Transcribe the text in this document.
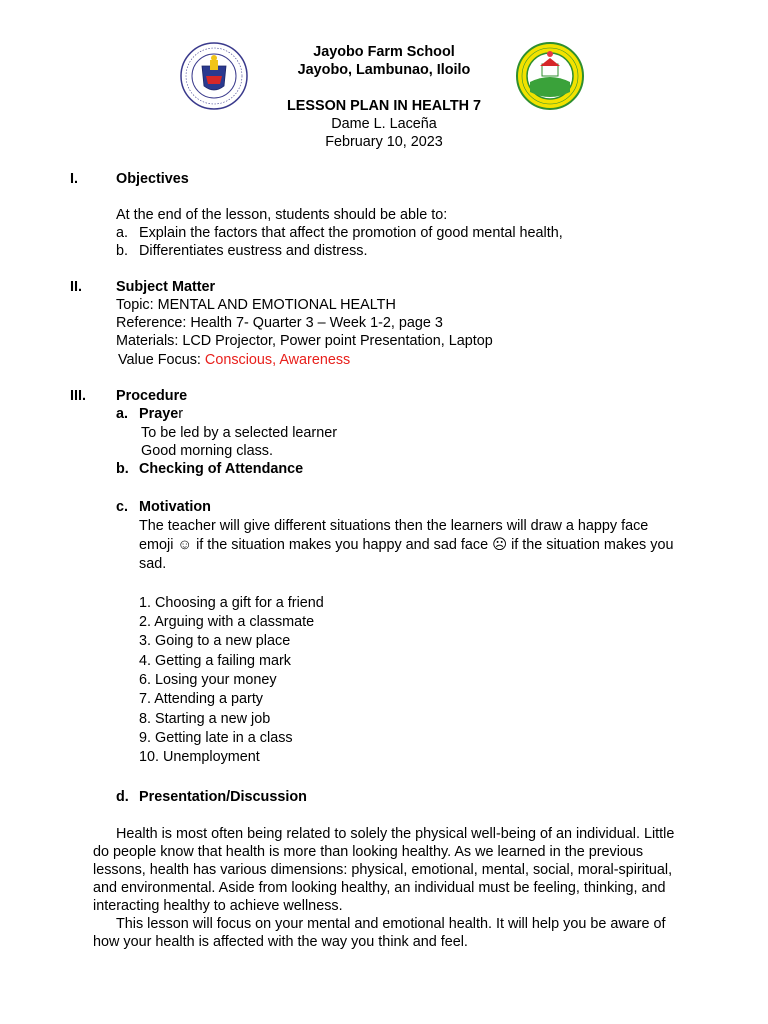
Jayobo Farm School
Jayobo, Lambunao, Iloilo
LESSON PLAN IN HEALTH 7
Dame L. Laceña
February 10, 2023
I.	Objectives
At the end of the lesson, students should be able to:
a. Explain the factors that affect the promotion of good mental health,
b. Differentiates eustress and distress.
II. Subject Matter
Topic: MENTAL AND EMOTIONAL HEALTH
Reference: Health 7- Quarter 3 – Week 1-2, page 3
Materials: LCD Projector, Power point Presentation, Laptop
Value Focus: Conscious, Awareness
III. Procedure
a. Prayer
To be led by a selected learner
Good morning class.
b. Checking of Attendance
c. Motivation
The teacher will give different situations then the learners will draw a happy face
emoji ☺ if the situation makes you happy and sad face ☹ if the situation makes you
sad.
1. Choosing a gift for a friend
2. Arguing with a classmate
3. Going to a new place
4. Getting a failing mark
6. Losing your money
7. Attending a party
8. Starting a new job
9. Getting late in a class
10. Unemployment
d. Presentation/Discussion
Health is most often being related to solely the physical well-being of an individual. Little
do people know that health is more than looking healthy. As we learned in the previous
lessons, health has various dimensions: physical, emotional, mental, social, moral-spiritual,
and environmental. Aside from looking healthy, an individual must be feeling, thinking, and
interacting healthy to achieve wellness.
This lesson will focus on your mental and emotional health. It will help you be aware of
how your health is affected with the way you think and feel.
